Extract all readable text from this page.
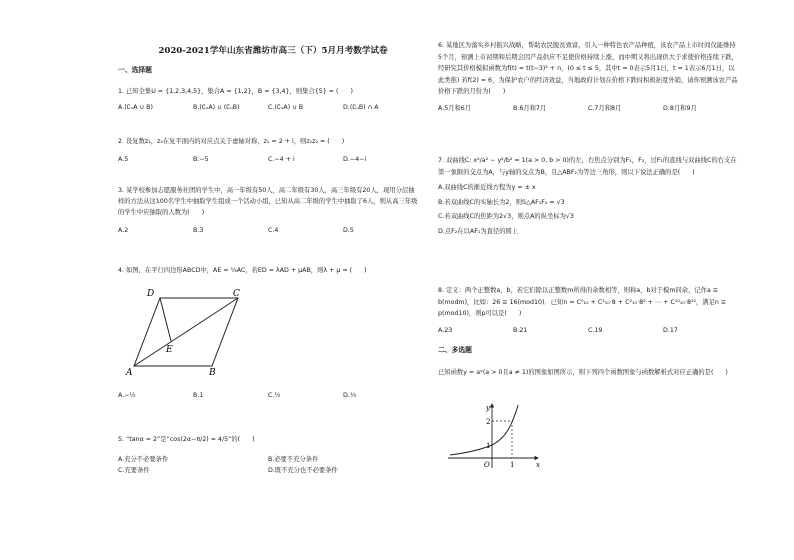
2020-2021学年山东省潍坊市高三（下）5月月考数学试卷
一、选择题
1. 已知全集U = {1,2,3,4,5}，集合A = {1,2}，B = {3,4}，则集合{5} = (      )
A.(∁ᵤA ∪ B)	B.(∁ᵤA) ∪ (∁ᵤB)	C.(∁ᵤA) ∪ B	D.(∁ᵤB) ∩ A
2. 设复数z₁，z₂在复平面内的对应点关于虚轴对称，z₁ = 2 + i，则z₁z₂ = (      )
A.5	B.−5	C.−4 + i	D.−4−i
3. 某学校参加志愿服务社团的学生中，高一年级有50人，高二年级有30人，高三年级有20人，现用分层抽样的方法从这100名学生中抽取学生组成一个活动小组，已知从高二年级的学生中抽取了6人，则从高三年级的学生中应抽取的人数为(      )
A.2	B.3	C.4	D.5
4. 如图，在平行四边形ABCD中，AE = ¼AC，若ED = λAD + μAB，则λ + μ = (      )
A	B
C
D
E
A.−½	B.1	C.½	D.⅓
5. “tanα = 2”是“cos(2α−π/2) = 4/5”的(      )
A.充分不必要条件	B.必要不充分条件
C.充要条件	D.既不充分也不必要条件
6. 某地区为落实乡村振兴战略，帮助农民脱贫致富，引入一种特色农产品种植，该农产品上市时间仅能维持5个月，预测上市初期和后期会因产品供应不足使价格持续上涨，而中期又将出现供大于求使价格连续下跌，经研究其价格模拟函数为f(t) = t(t−3)² + n，(0 ≤ t ≤ 5，其中t = 0表示5月1日，t = 1表示6月1日，以此类推) 若f(2) = 6，为保护农户的经济效益，当地政府计划在价格下跌时积极拓宽外销，请你预测该农产品价格下跌的月份为(      )
A.5月和6月	B.6月和7月	C.7月和8月	D.8月和9月
7. 双曲线C: x²/a² − y²/b² = 1(a > 0, b > 0)的左，右焦点分别为F₁，F₂，过F₁的直线与双曲线C的右支在第一象限的交点为A，与y轴的交点为B，且△ABF₂为等边三角形，则以下说法正确的是(      )
A.双曲线C的渐近线方程为y = ± x
B.若双曲线C的实轴长为2，则S△AF₁F₂ = √3
C.若双曲线C的焦距为2√3，则点A的纵坐标为√3
D.点F₂在以AF₁为直径的圆上
8. 定义：两个正整数a，b，若它们除以正整数m所得的余数相等，则称a，b对于模m同余，记作a ≡ b(modm)，比如：26 ≡ 16(mod10)．已知n = C⁰₁₀ + C¹₁₀·8 + C²₁₀·8² + ⋯ + C¹⁰₁₀·8¹⁰，满足n ≡ p(mod10)，则p可以是(      )
A.23	B.21	C.19	D.17
二、多选题
已知函数y = aˣ(a > 0且a ≠ 1)的图象如图所示，则下列四个函数图象与函数解析式对应正确的是(      )
y
x
O	1
1
2
